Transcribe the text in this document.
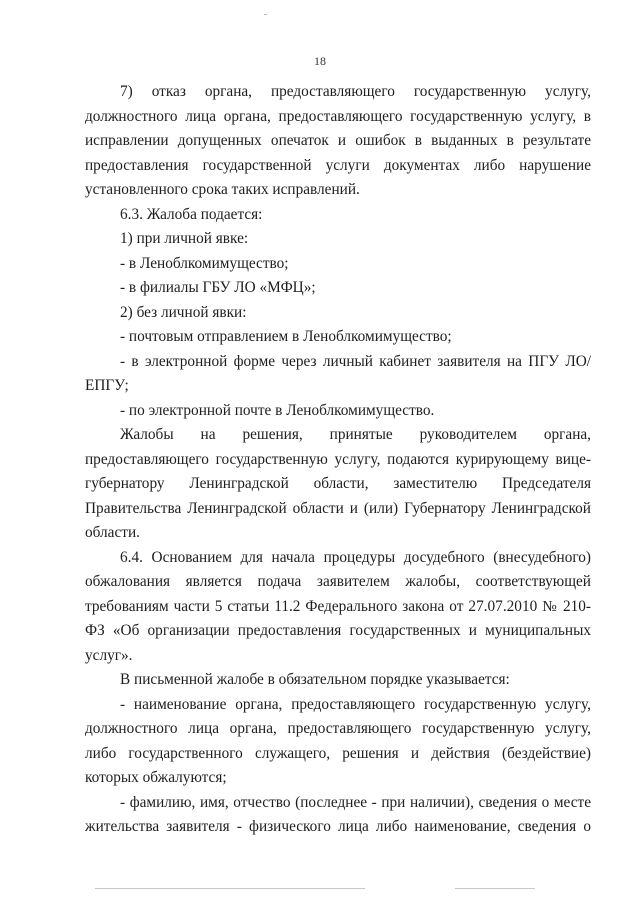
18

7) отказ органа, предоставляющего государственную услугу,

должностного лица органа, предоставляющего государственную услугу, в

исправлении допущенных опечаток и ошибок в выданных в результате

предоставления государственной услуги документах либо нарушение

установленного срока таких исправлений.

6.3. Жалоба подается:

1) при личной явке:

- в Леноблкомимущество;

- в филиалы ГБУ ЛО «МФЦ»;

2) без личной явки:

- почтовым отправлением в Леноблкомимущество;

- в электронной форме через личный кабинет заявителя на ПГУ ЛО/ ЕПГУ;

- по электронной почте в Леноблкомимущество.

Жалобы на решения, принятые руководителем органа, предоставляющего государственную услугу, подаются курирующему вице-губернатору Ленинградской области, заместителю Председателя Правительства Ленинградской области и (или) Губернатору Ленинградской области.

6.4. Основанием для начала процедуры досудебного (внесудебного) обжалования является подача заявителем жалобы, соответствующей требованиям части 5 статьи 11.2 Федерального закона от 27.07.2010 № 210-ФЗ «Об организации предоставления государственных и муниципальных услуг».

В письменной жалобе в обязательном порядке указывается:

- наименование органа, предоставляющего государственную услугу, должностного лица органа, предоставляющего государственную услугу, либо государственного служащего, решения и действия (бездействие) которых обжалуются;

- фамилию, имя, отчество (последнее - при наличии), сведения о месте

жительства заявителя - физического лица либо наименование, сведения о
